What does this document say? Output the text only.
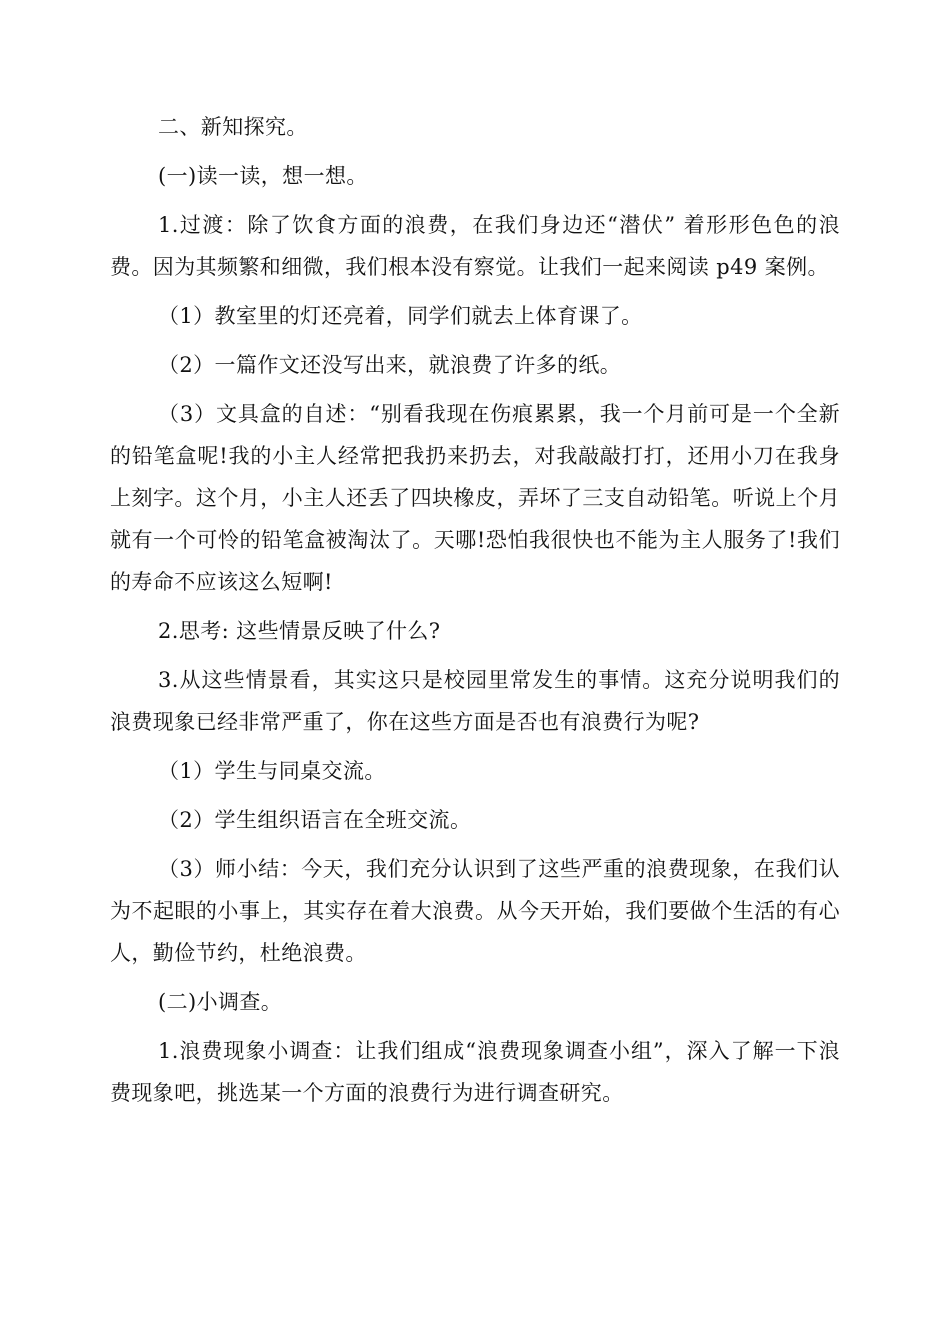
二、新知探究。

(一)读一读，想一想。

1.过渡：除了饮食方面的浪费，在我们身边还“潜伏” 着形形色色的浪费。因为其频繁和细微，我们根本没有察觉。让我们一起来阅读 p49 案例。

（1）教室里的灯还亮着，同学们就去上体育课了。

（2）一篇作文还没写出来，就浪费了许多的纸。

（3）文具盒的自述：“别看我现在伤痕累累，我一个月前可是一个全新的铅笔盒呢!我的小主人经常把我扔来扔去，对我敲敲打打，还用小刀在我身上刻字。这个月，小主人还丢了四块橡皮，弄坏了三支自动铅笔。听说上个月就有一个可怜的铅笔盒被淘汰了。天哪!恐怕我很快也不能为主人服务了!我们的寿命不应该这么短啊!

2.思考: 这些情景反映了什么?

3.从这些情景看，其实这只是校园里常发生的事情。这充分说明我们的浪费现象已经非常严重了，你在这些方面是否也有浪费行为呢?

（1）学生与同桌交流。

（2）学生组织语言在全班交流。

（3）师小结：今天，我们充分认识到了这些严重的浪费现象，在我们认为不起眼的小事上，其实存在着大浪费。从今天开始，我们要做个生活的有心人，勤俭节约，杜绝浪费。

(二)小调查。

1.浪费现象小调查：让我们组成“浪费现象调查小组”，深入了解一下浪费现象吧，挑选某一个方面的浪费行为进行调查研究。
